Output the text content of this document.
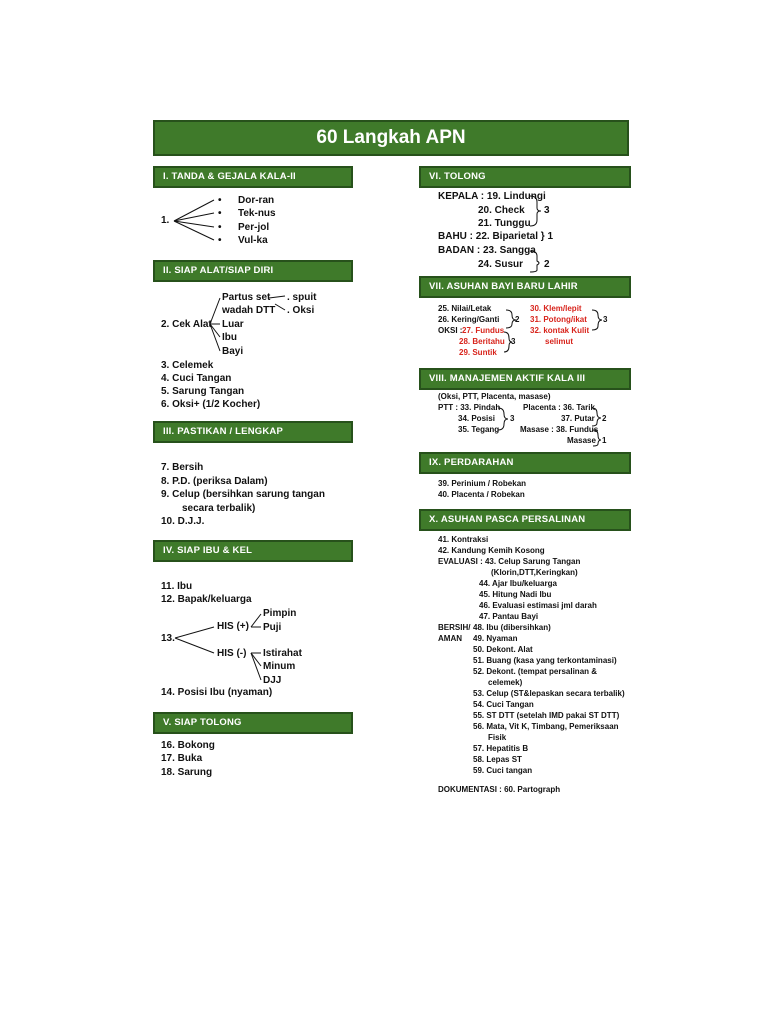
60 Langkah APN
I. TANDA & GEJALA KALA-II
1.
• Dor-ran
• Tek-nus
• Per-jol
• Vul-ka
II. SIAP ALAT/SIAP DIRI
2. Cek Alat
Partus set . spuit
wadah DTT . Oksi
Luar
Ibu
Bayi
3. Celemek
4. Cuci Tangan
5. Sarung Tangan
6. Oksi+ (1/2 Kocher)
III. PASTIKAN / LENGKAP
7. Bersih
8. P.D. (periksa Dalam)
9. Celup (bersihkan sarung tangan
secara terbalik)
10. D.J.J.
IV. SIAP IBU & KEL
11. Ibu
12. Bapak/keluarga
13.
HIS (+)
Pimpin
Puji
HIS (-) Istirahat
Minum
DJJ
14. Posisi Ibu (nyaman)
V. SIAP TOLONG
16. Bokong
17. Buka
18. Sarung
VI. TOLONG
KEPALA : 19. Lindungi
20. Check
21. Tunggu
3
BAHU : 22. Biparietal } 1
BADAN : 23. Sangga
24. Susur 2
VII. ASUHAN BAYI BARU LAHIR
25. Nilai/Letak
26. Kering/Ganti 2
OKSI : 27. Fundus
28. Beritahu
29. Suntik
3
30. Klem/lepit
31. Potong/ikat
32. kontak Kulit
selimut
3
VIII. MANAJEMEN AKTIF KALA III
(Oksi, PTT, Placenta, masase)
PTT : 33. Pindah
34. Posisi
35. Tegang
3
Placenta : 36. Tarik
37. Putar 2
Masase : 38. Fundus
Masase 1
IX. PERDARAHAN
39. Perinium / Robekan
40. Placenta / Robekan
X. ASUHAN PASCA PERSALINAN
41. Kontraksi
42. Kandung Kemih Kosong
EVALUASI : 43. Celup Sarung Tangan
(Klorin,DTT,Keringkan)
44. Ajar Ibu/keluarga
45. Hitung Nadi Ibu
46. Evaluasi estimasi jml darah
47. Pantau Bayi
BERSIH/
AMAN
48. Ibu (dibersihkan)
49. Nyaman
50. Dekont. Alat
51. Buang (kasa yang terkontaminasi)
52. Dekont. (tempat persalinan &
celemek)
53. Celup (ST&lepaskan secara terbalik)
54. Cuci Tangan
55. ST DTT (setelah IMD pakai ST DTT)
56. Mata, Vit K, Timbang, Pemeriksaan
Fisik
57. Hepatitis B
58. Lepas ST
59. Cuci tangan
DOKUMENTASI : 60. Partograph
